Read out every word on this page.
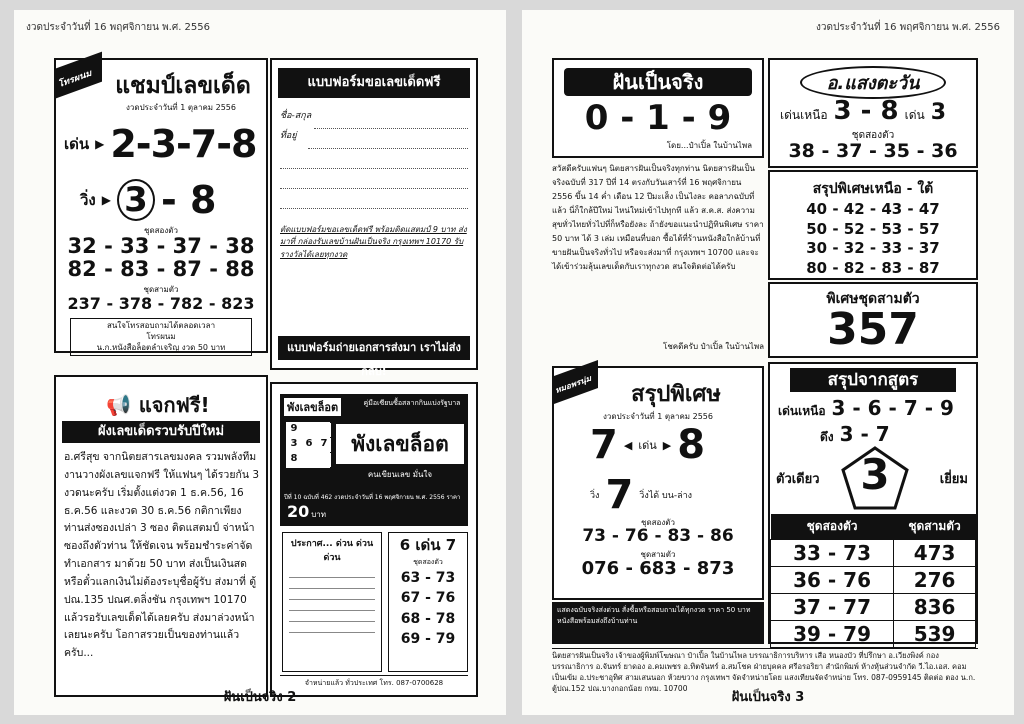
งวดประจำวันที่ 16 พฤศจิกายน พ.ศ. 2556
โทรผนม	แชมป์เลขเด็ด
งวดประจำวันที่ 1 ตุลาคม 2556
เด่น ▶ 2-3-7-8
วิ่ง ▶ 3 - 8
ชุดสองตัว
32 - 33 - 37 - 38
82 - 83 - 87 - 88
ชุดสามตัว
237 - 378 - 782 - 823
สนใจโทรสอบถามได้ตลอดเวลา
โทรผนม
น.ก.หนังสือล็อตลำเจริญ งวด 50 บาท
แบบฟอร์มขอเลขเด็ดฟรี
ชื่อ-สกุล
ที่อยู่
ตัดแบบฟอร์มขอเลขเด็ดฟรี พร้อมติดแสตมป์ 9 บาท ส่งมาที่ กล่องรับเลขบ้านฝันเป็นจริง กรุงเทพฯ 10170 รับรางวัลได้เลยทุกงวด
แบบฟอร์มถ่ายเอกสารส่งมา เราไม่ส่งกลับ!
📢 แจกฟรี!
ผังเลขเด็ดรวบรับปีใหม่
อ.ศรีสุข จากนิตยสารเลขมงคล รวมพลังทีมงานวางผังเลขแจกฟรี ให้แฟนๆ ได้รวยกัน 3 งวดนะครับ เริ่มตั้งแต่งวด 1 ธ.ค.56, 16 ธ.ค.56 และงวด 30 ธ.ค.56 กติกาเพียงท่านส่งซองเปล่า 3 ซอง ติดแสตมป์ จ่าหน้าซองถึงตัวท่าน ให้ชัดเจน พร้อมชำระค่าจัดทำเอกสาร มาด้วย 50 บาท ส่งเป็นเงินสดหรือตั๋วแลกเงินไม่ต้องระบุชื่อผู้รับ ส่งมาที่ ตู้ปณ.135 ปณศ.ตลิ่งชัน กรุงเทพฯ 10170 แล้วรอรับเลขเด็ดได้เลยครับ ส่งมาล่วงหน้าเลยนะครับ โอกาสรวยเป็นของท่านแล้วครับ...
พังเลขล็อต	คู่มือเซียนซื้อสลากกินแบ่งรัฐบาล
9
3 6 7
8
พังเลขล็อต
คนเขียนเลข มั่นใจ
ปีที่ 10 ฉบับที่ 462 งวดประจำวันที่ 16 พฤศจิกายน พ.ศ. 2556 ราคา 20 บาท
ประกาศ... ด่วน ด่วน ด่วน
6 เด่น 7
ชุดสองตัว
63 - 73
67 - 76
68 - 78
69 - 79
จำหน่ายแล้ว ทั่วประเทศ โทร. 087-0700628
ฝันเป็นจริง 2
งวดประจำวันที่ 16 พฤศจิกายน พ.ศ. 2556
ฝันเป็นจริง
0 - 1 - 9
โดย...ป๋าเปิ้ล ในบ้านไพล
สวัสดีครับแฟนๆ นิตยสารฝันเป็นจริงทุกท่าน นิตยสารฝันเป็นจริงฉบับที่ 317 ปีที่ 14 ตรงกับวันเสาร์ที่ 16 พฤศจิกายน 2556 ขึ้น 14 ค่ำ เดือน 12 ปีมะเส็ง เป็นไงละ คอลาภฉบับที่แล้ว นี่ก็ใกล้ปีใหม่ ไหน่ใหม่เข้าไปทุกที แล้ว ส.ค.ส. ส่งความสุขทั่วไทยทั่วไปที่ก็หรือยังละ ถ้ายังขอแนะนำปฏิทินพิเศษ ราคา 50 บาท ได้ 3 เล่ม เหมือนที่บอก ซื้อได้ที่ร้านหนังสือใกล้บ้านที่ขายฝันเป็นจริงทั่วไป หรือจะส่งมาที่ กรุงเทพฯ 10700 และจะได้เข้าร่วมลุ้นเลขเด็ดกับเราทุกงวด สนใจติดต่อได้ครับ
โชคดีครับ ป๋าเปิ้ล ในบ้านไพล
อ.แสงตะวัน
เด่นเหนือ 3 - 8 เด่น 3
ชุดสองตัว
38 - 37 - 35 - 36
สรุปพิเศษเหนือ - ใต้
40 - 42 - 43 - 47
50 - 52 - 53 - 57
30 - 32 - 33 - 37
80 - 82 - 83 - 87
พิเศษชุดสามตัว
357
หมอพรนุ่ม	สรุปพิเศษ
งวดประจำวันที่ 1 ตุลาคม 2556
7 ◀ เด่น ▶ 8
วิ่ง 7 วิ่งได้ บน-ล่าง
ชุดสองตัว
73 - 76 - 83 - 86
ชุดสามตัว
076 - 683 - 873
แสดงฉบับจริงส่งด่วน สั่งซื้อหรือสอบถามได้ทุกงวด ราคา 50 บาท หนังสือพร้อมส่งถึงบ้านท่าน
สรุปจากสูตร
เด่นเหนือ 3 - 6 - 7 - 9
ดึง 3 - 7
ตัวเดียว 3	เยี่ยม
ชุดสองตัว	ชุดสามตัว
33 - 73	473
36 - 76	276
37 - 77	836
39 - 79	539
นิตยสารฝันเป็นจริง เจ้าของผู้พิมพ์โฆษณา ป๋าเปิ้ล ในบ้านไพล บรรณาธิการบริหาร เสือ หนองบัว ที่ปรึกษา อ.เวียงพิงค์ กองบรรณาธิการ อ.จันทร์ ยาดอง อ.คมเพชร อ.ทิตจันทร์ อ.สมโชค ฝ่ายบุคคล ศรีอรอริยา สำนักพิมพ์ ห้างหุ้นส่วนจำกัด วี.ไอ.เอส. คอมเป็นเข้ม อ.ประชาอุทิศ สามเสนนอก ห้วยขวาง กรุงเทพฯ จัดจำหน่ายโดย แสงเทียนจัดจำหน่าย โทร. 087-0959145 ติดต่อ ตอง น.ก. ตู้ปณ.152 ปณ.บางกอกน้อย กทม. 10700
ฝันเป็นจริง 3
